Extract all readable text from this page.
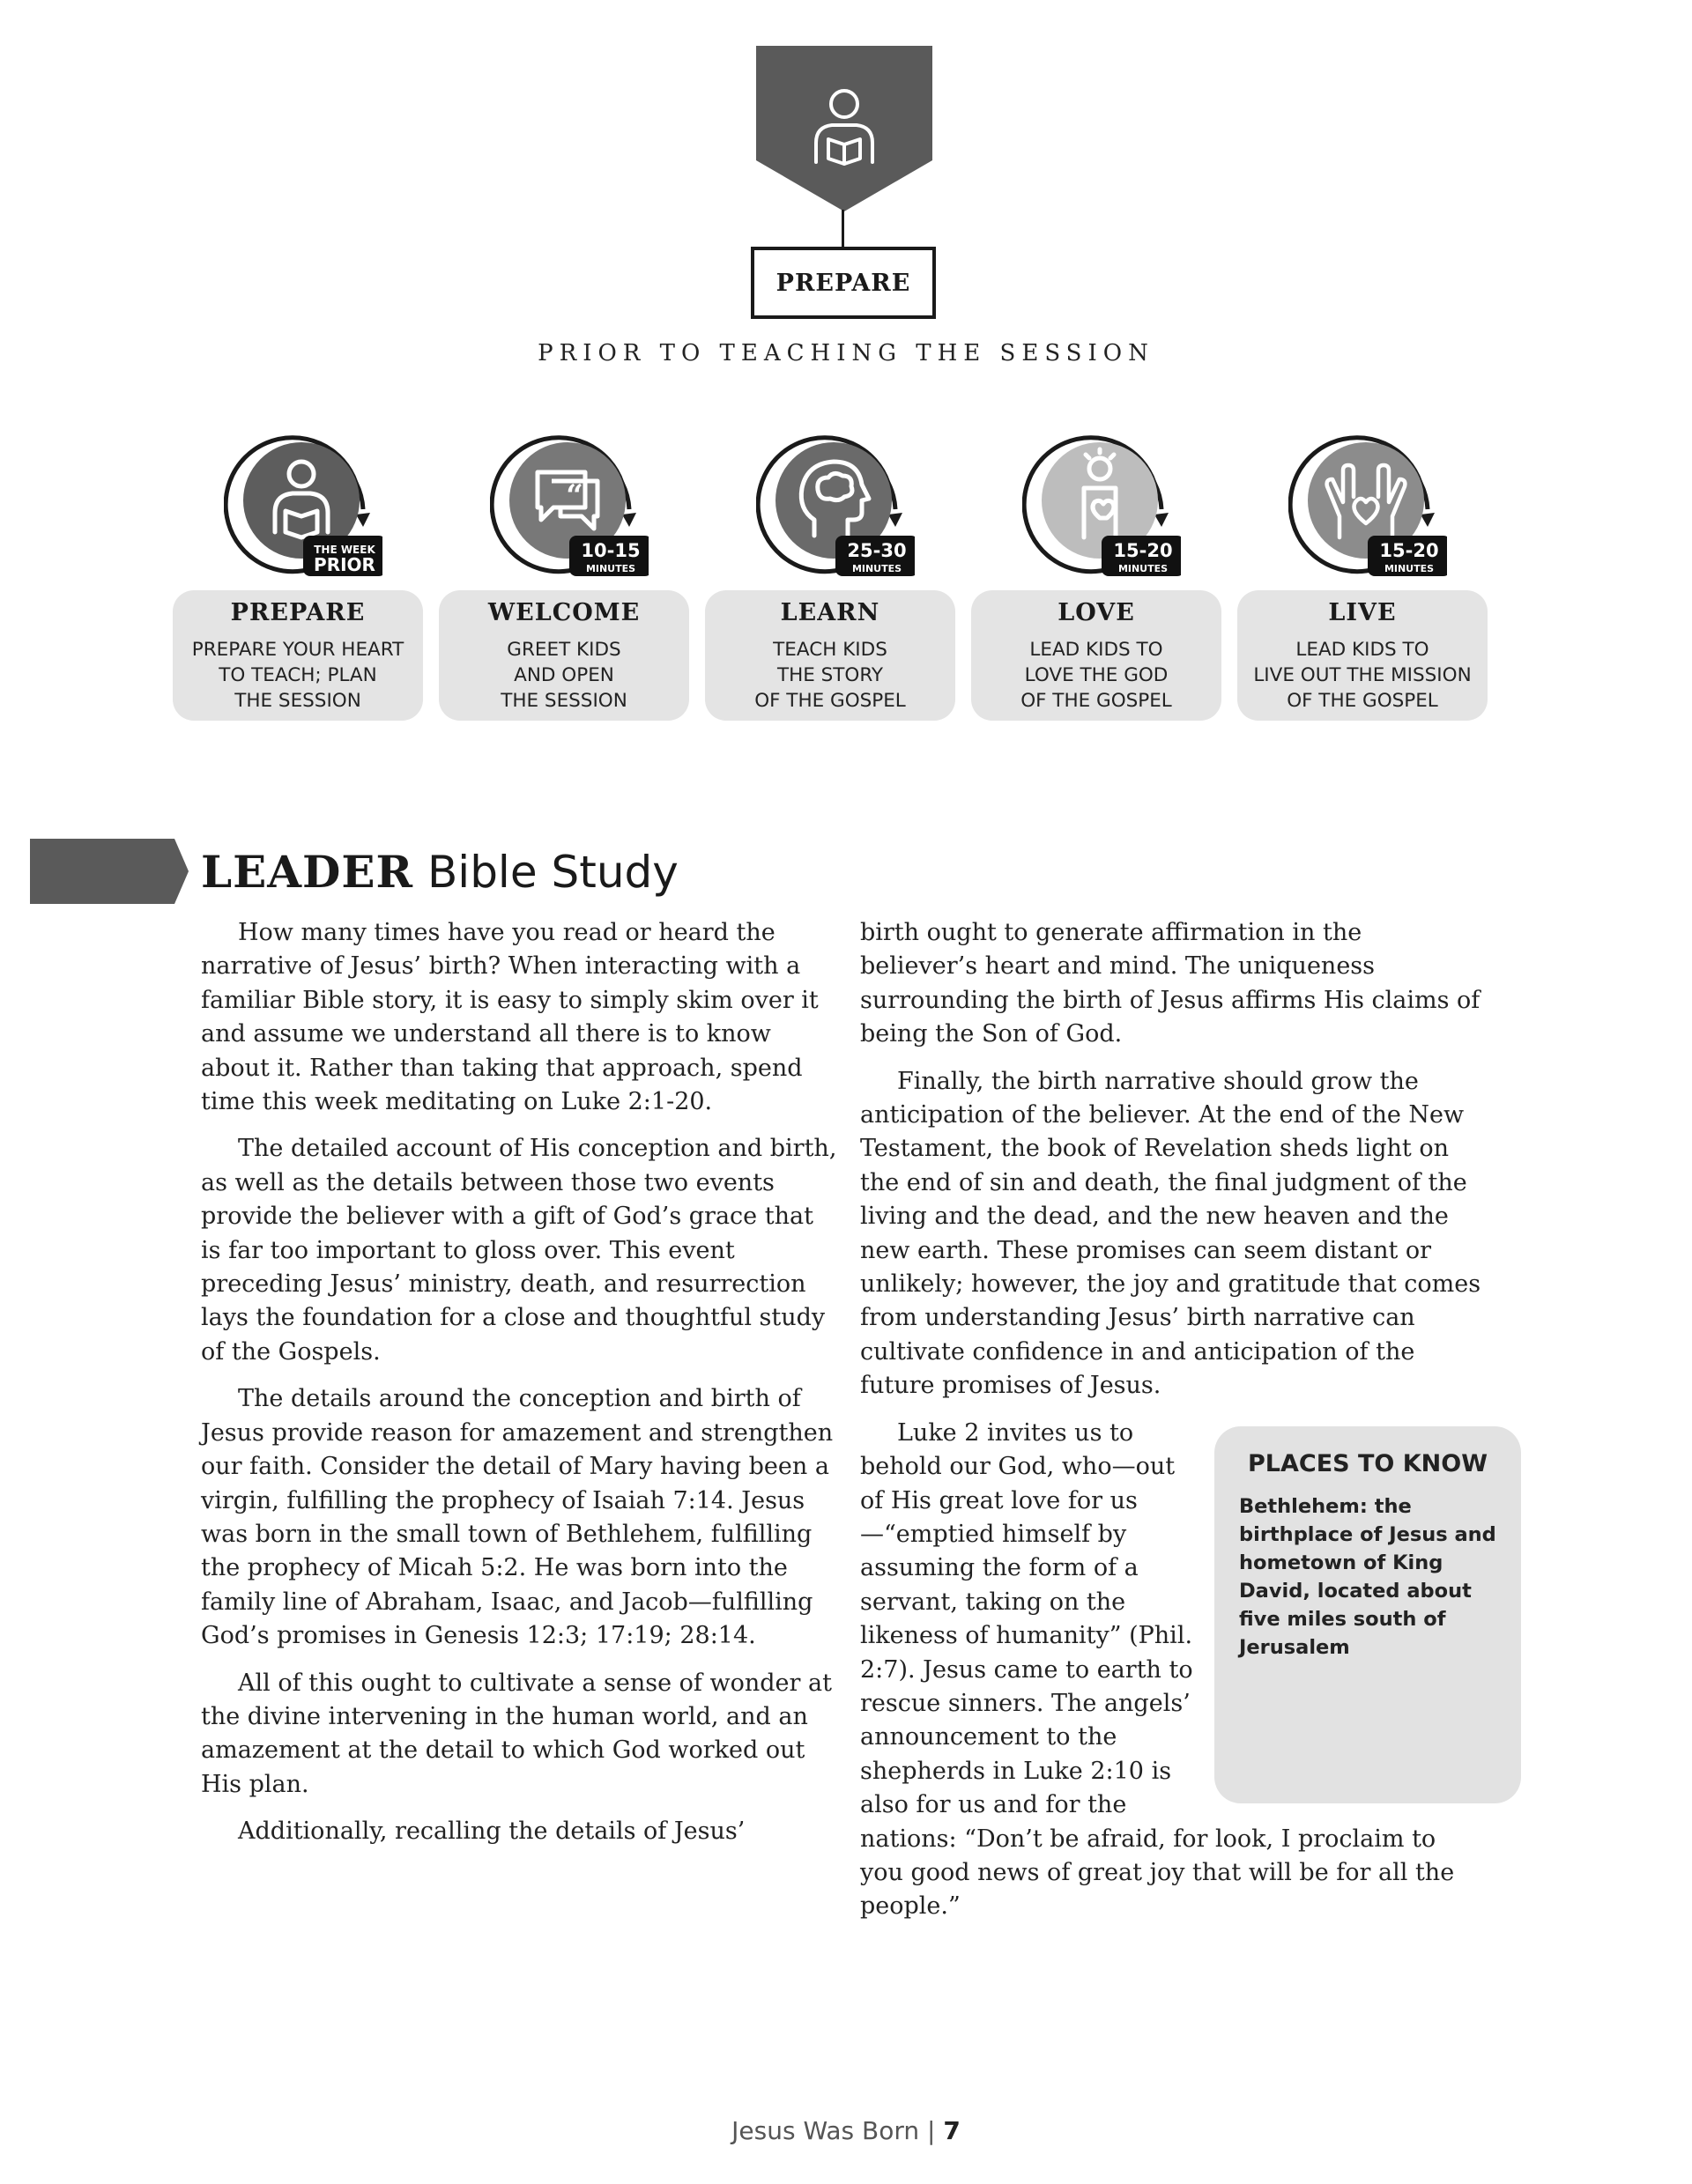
PREPARE
PRIOR TO TEACHING THE SESSION
THE WEEK
PRIOR
PREPARE
PREPARE YOUR HEART
TO TEACH; PLAN
THE SESSION
“
10-15
MINUTES
WELCOME
GREET KIDS
AND OPEN
THE SESSION
25-30
MINUTES
LEARN
TEACH KIDS
THE STORY
OF THE GOSPEL
15-20
MINUTES
LOVE
LEAD KIDS TO
LOVE THE GOD
OF THE GOSPEL
15-20
MINUTES
LIVE
LEAD KIDS TO
LIVE OUT THE MISSION
OF THE GOSPEL
LEADER Bible Study

How many times have you read or heard the narrative of Jesus’ birth? When interacting with a familiar Bible story, it is easy to simply skim over it and assume we understand all there is to know about it. Rather than taking that approach, spend time this week meditating on Luke 2:1-20.

The detailed account of His conception and birth, as well as the details between those two events provide the believer with a gift of God’s grace that is far too important to gloss over. This event preceding Jesus’ ministry, death, and resurrection lays the foundation for a close and thoughtful study of the Gospels.

The details around the conception and birth of Jesus provide reason for amazement and strengthen our faith. Consider the detail of Mary having been a virgin, fulfilling the prophecy of Isaiah 7:14. Jesus was born in the small town of Bethlehem, fulfilling the prophecy of Micah 5:2. He was born into the family line of Abraham, Isaac, and Jacob—fulfilling God’s promises in Genesis 12:3; 17:19; 28:14.

All of this ought to cultivate a sense of wonder at the divine intervening in the human world, and an amazement at the detail to which God worked out His plan.

Additionally, recalling the details of Jesus’

birth ought to generate affirmation in the believer’s heart and mind. The uniqueness surrounding the birth of Jesus affirms His claims of being the Son of God.

Finally, the birth narrative should grow the anticipation of the believer. At the end of the New Testament, the book of Revelation sheds light on the end of sin and death, the final judgment of the living and the dead, and the new heaven and the new earth. These promises can seem distant or unlikely; however, the joy and gratitude that comes from understanding Jesus’ birth narrative can cultivate confidence in and anticipation of the future promises of Jesus.

PLACES TO KNOW
Bethlehem: the birthplace of Jesus and hometown of King David, located about five miles south of Jerusalem

Luke 2 invites us to behold our God, who—out of His great love for us—“emptied himself by assuming the form of a servant, taking on the likeness of humanity” (Phil. 2:7). Jesus came to earth to rescue sinners. The angels’ announcement to the shepherds in Luke 2:10 is also for us and for the nations: “Don’t be afraid, for look, I proclaim to you good news of great joy that will be for all the people.”

Jesus Was Born | 7
